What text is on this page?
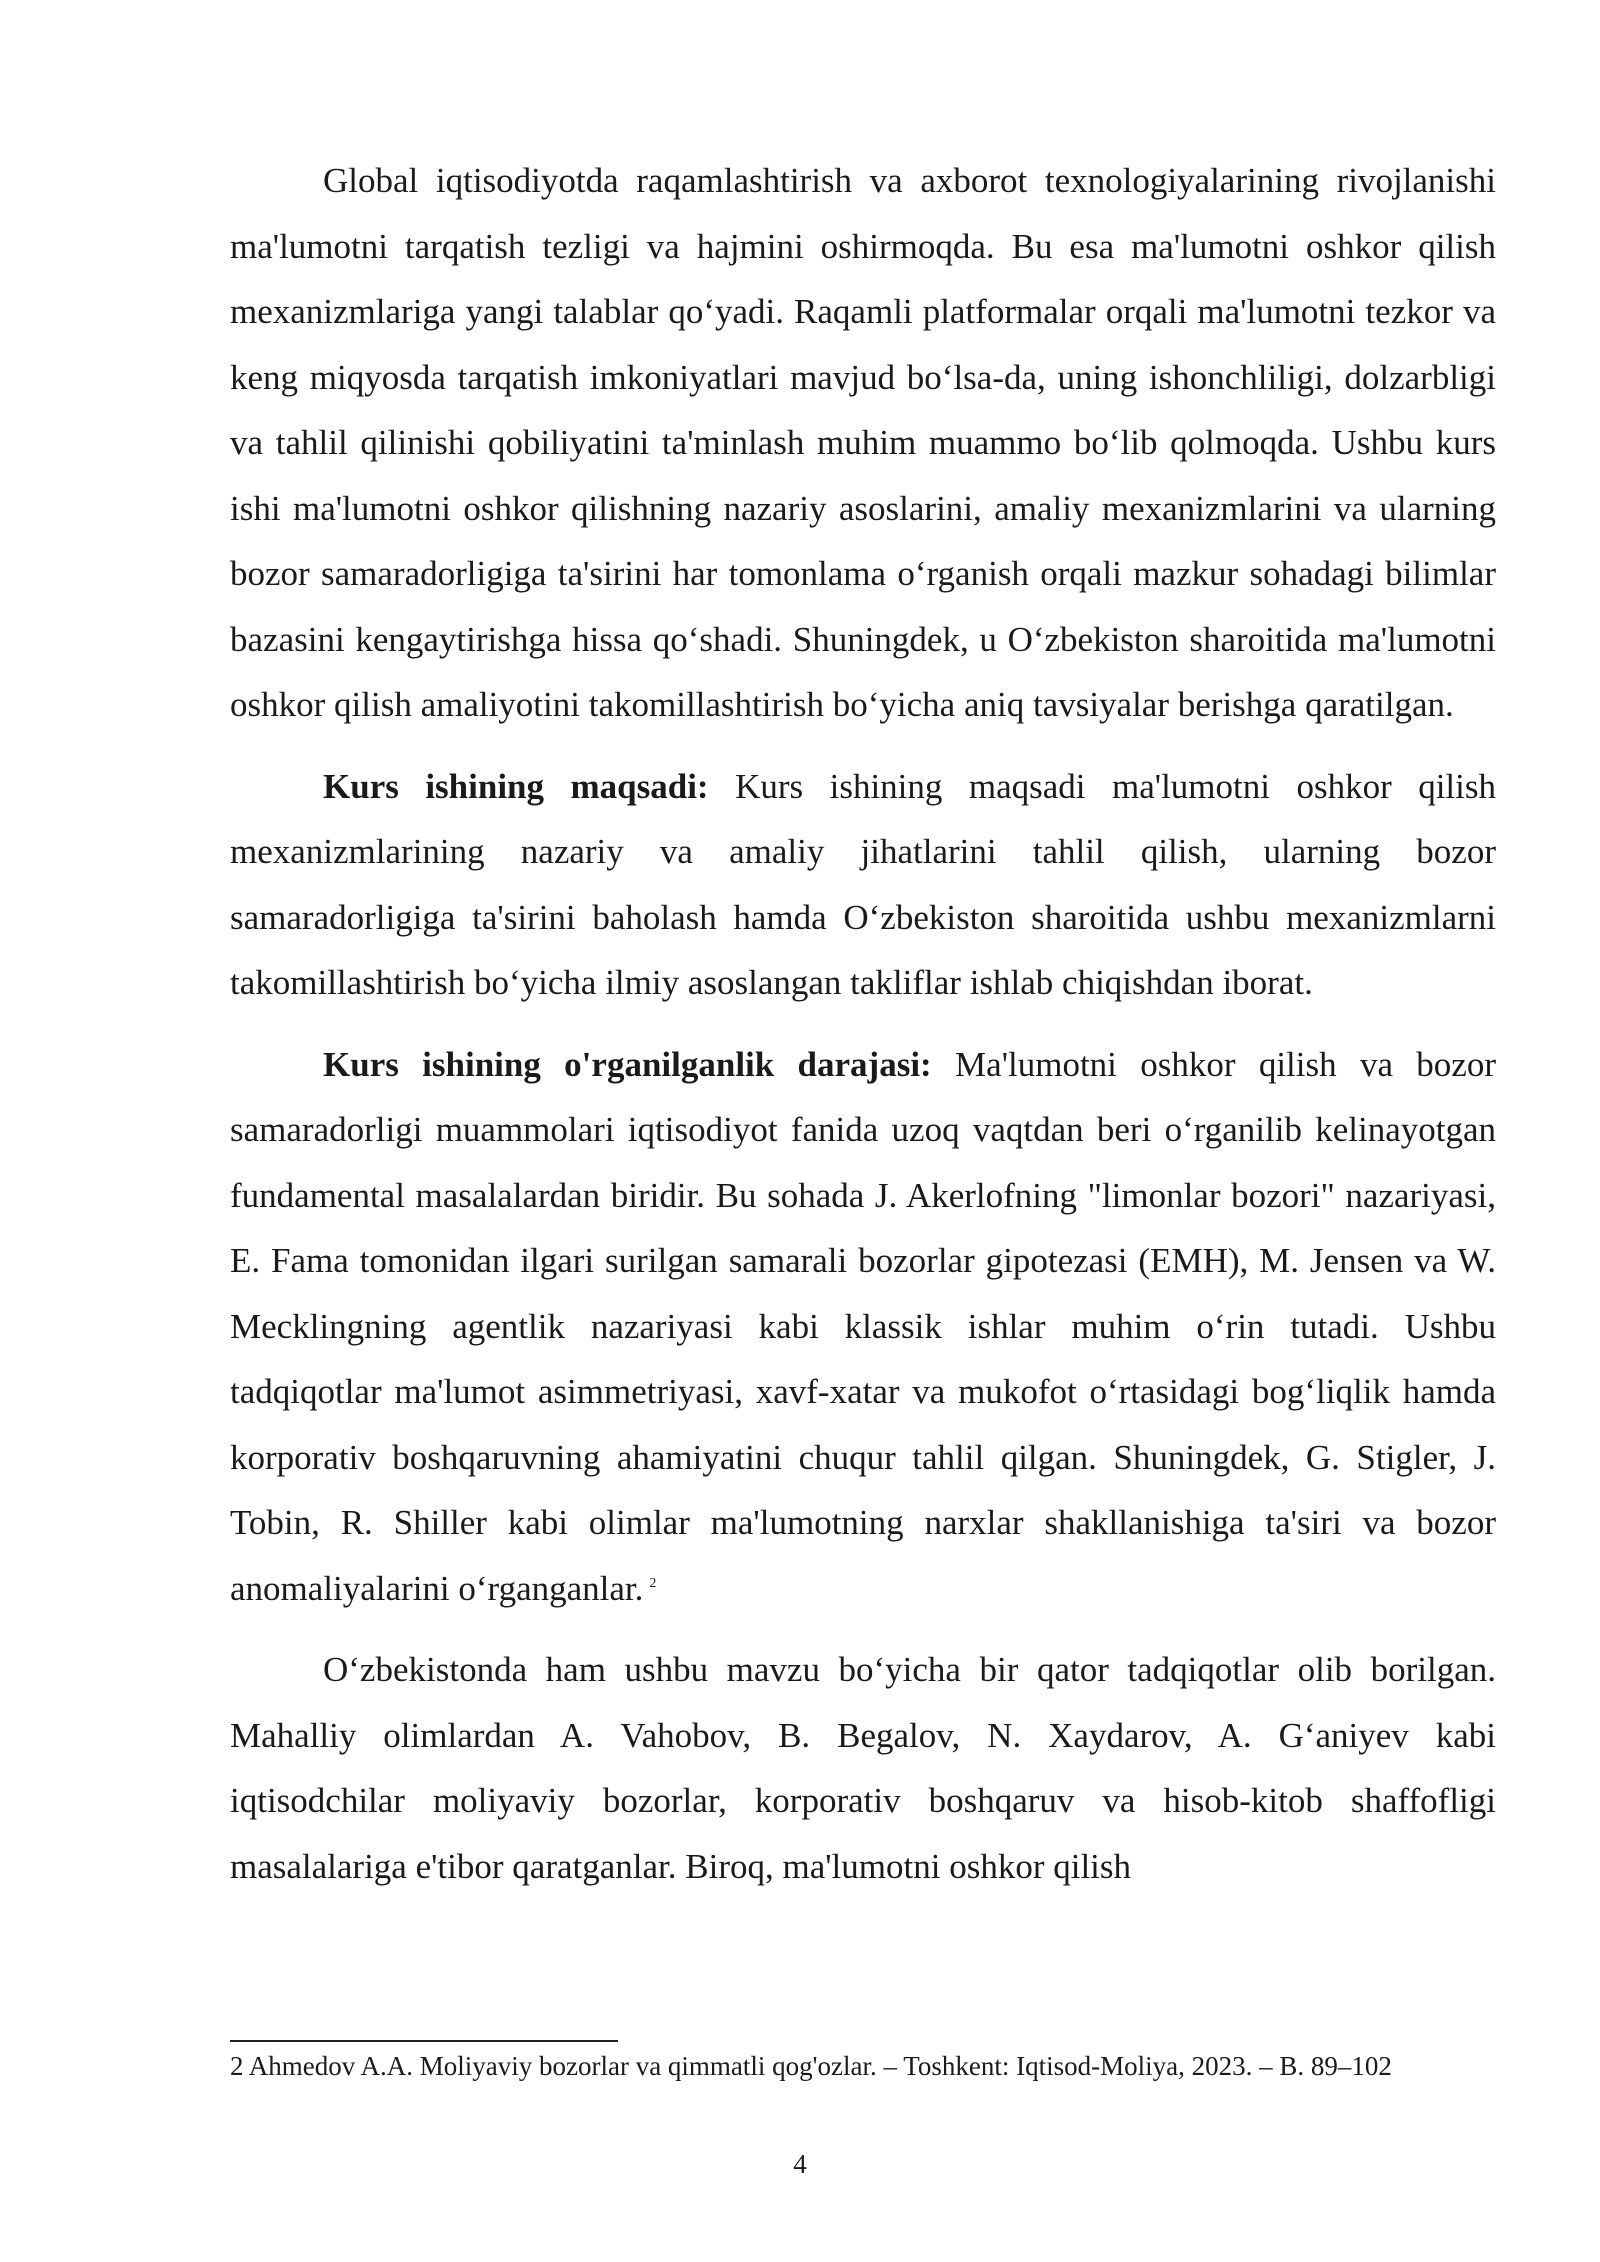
Global iqtisodiyotda raqamlashtirish va axborot texnologiyalarining rivojlanishi ma'lumotni tarqatish tezligi va hajmini oshirmoqda. Bu esa ma'lumotni oshkor qilish mexanizmlariga yangi talablar qo‘yadi. Raqamli platformalar orqali ma'lumotni tezkor va keng miqyosda tarqatish imkoniyatlari mavjud bo‘lsa-da, uning ishonchliligi, dolzarbligi va tahlil qilinishi qobiliyatini ta'minlash muhim muammo bo‘lib qolmoqda. Ushbu kurs ishi ma'lumotni oshkor qilishning nazariy asoslarini, amaliy mexanizmlarini va ularning bozor samaradorligiga ta'sirini har tomonlama o‘rganish orqali mazkur sohadagi bilimlar bazasini kengaytirishga hissa qo‘shadi. Shuningdek, u O‘zbekiston sharoitida ma'lumotni oshkor qilish amaliyotini takomillashtirish bo‘yicha aniq tavsiyalar berishga qaratilgan.

Kurs ishining maqsadi: Kurs ishining maqsadi ma'lumotni oshkor qilish mexanizmlarining nazariy va amaliy jihatlarini tahlil qilish, ularning bozor samaradorligiga ta'sirini baholash hamda O‘zbekiston sharoitida ushbu mexanizmlarni takomillashtirish bo‘yicha ilmiy asoslangan takliflar ishlab chiqishdan iborat.

Kurs ishining o'rganilganlik darajasi: Ma'lumotni oshkor qilish va bozor samaradorligi muammolari iqtisodiyot fanida uzoq vaqtdan beri o‘rganilib kelinayotgan fundamental masalalardan biridir. Bu sohada J. Akerlofning "limonlar bozori" nazariyasi, E. Fama tomonidan ilgari surilgan samarali bozorlar gipotezasi (EMH), M. Jensen va W. Mecklingning agentlik nazariyasi kabi klassik ishlar muhim o‘rin tutadi. Ushbu tadqiqotlar ma'lumot asimmetriyasi, xavf-xatar va mukofot o‘rtasidagi bog‘liqlik hamda korporativ boshqaruvning ahamiyatini chuqur tahlil qilgan. Shuningdek, G. Stigler, J. Tobin, R. Shiller kabi olimlar ma'lumotning narxlar shakllanishiga ta'siri va bozor anomaliyalarini o‘rganganlar. $^2$

O‘zbekistonda ham ushbu mavzu bo‘yicha bir qator tadqiqotlar olib borilgan. Mahalliy olimlardan A. Vahobov, B. Begalov, N. Xaydarov, A. G‘aniyev kabi iqtisodchilar moliyaviy bozorlar, korporativ boshqaruv va hisob-kitob shaffofligi masalalariga e'tibor qaratganlar. Biroq, ma'lumotni oshkor qilish

2 Ahmedov A.A. Moliyaviy bozorlar va qimmatli qog'ozlar. – Toshkent: Iqtisod-Moliya, 2023. – B. 89–102
4
